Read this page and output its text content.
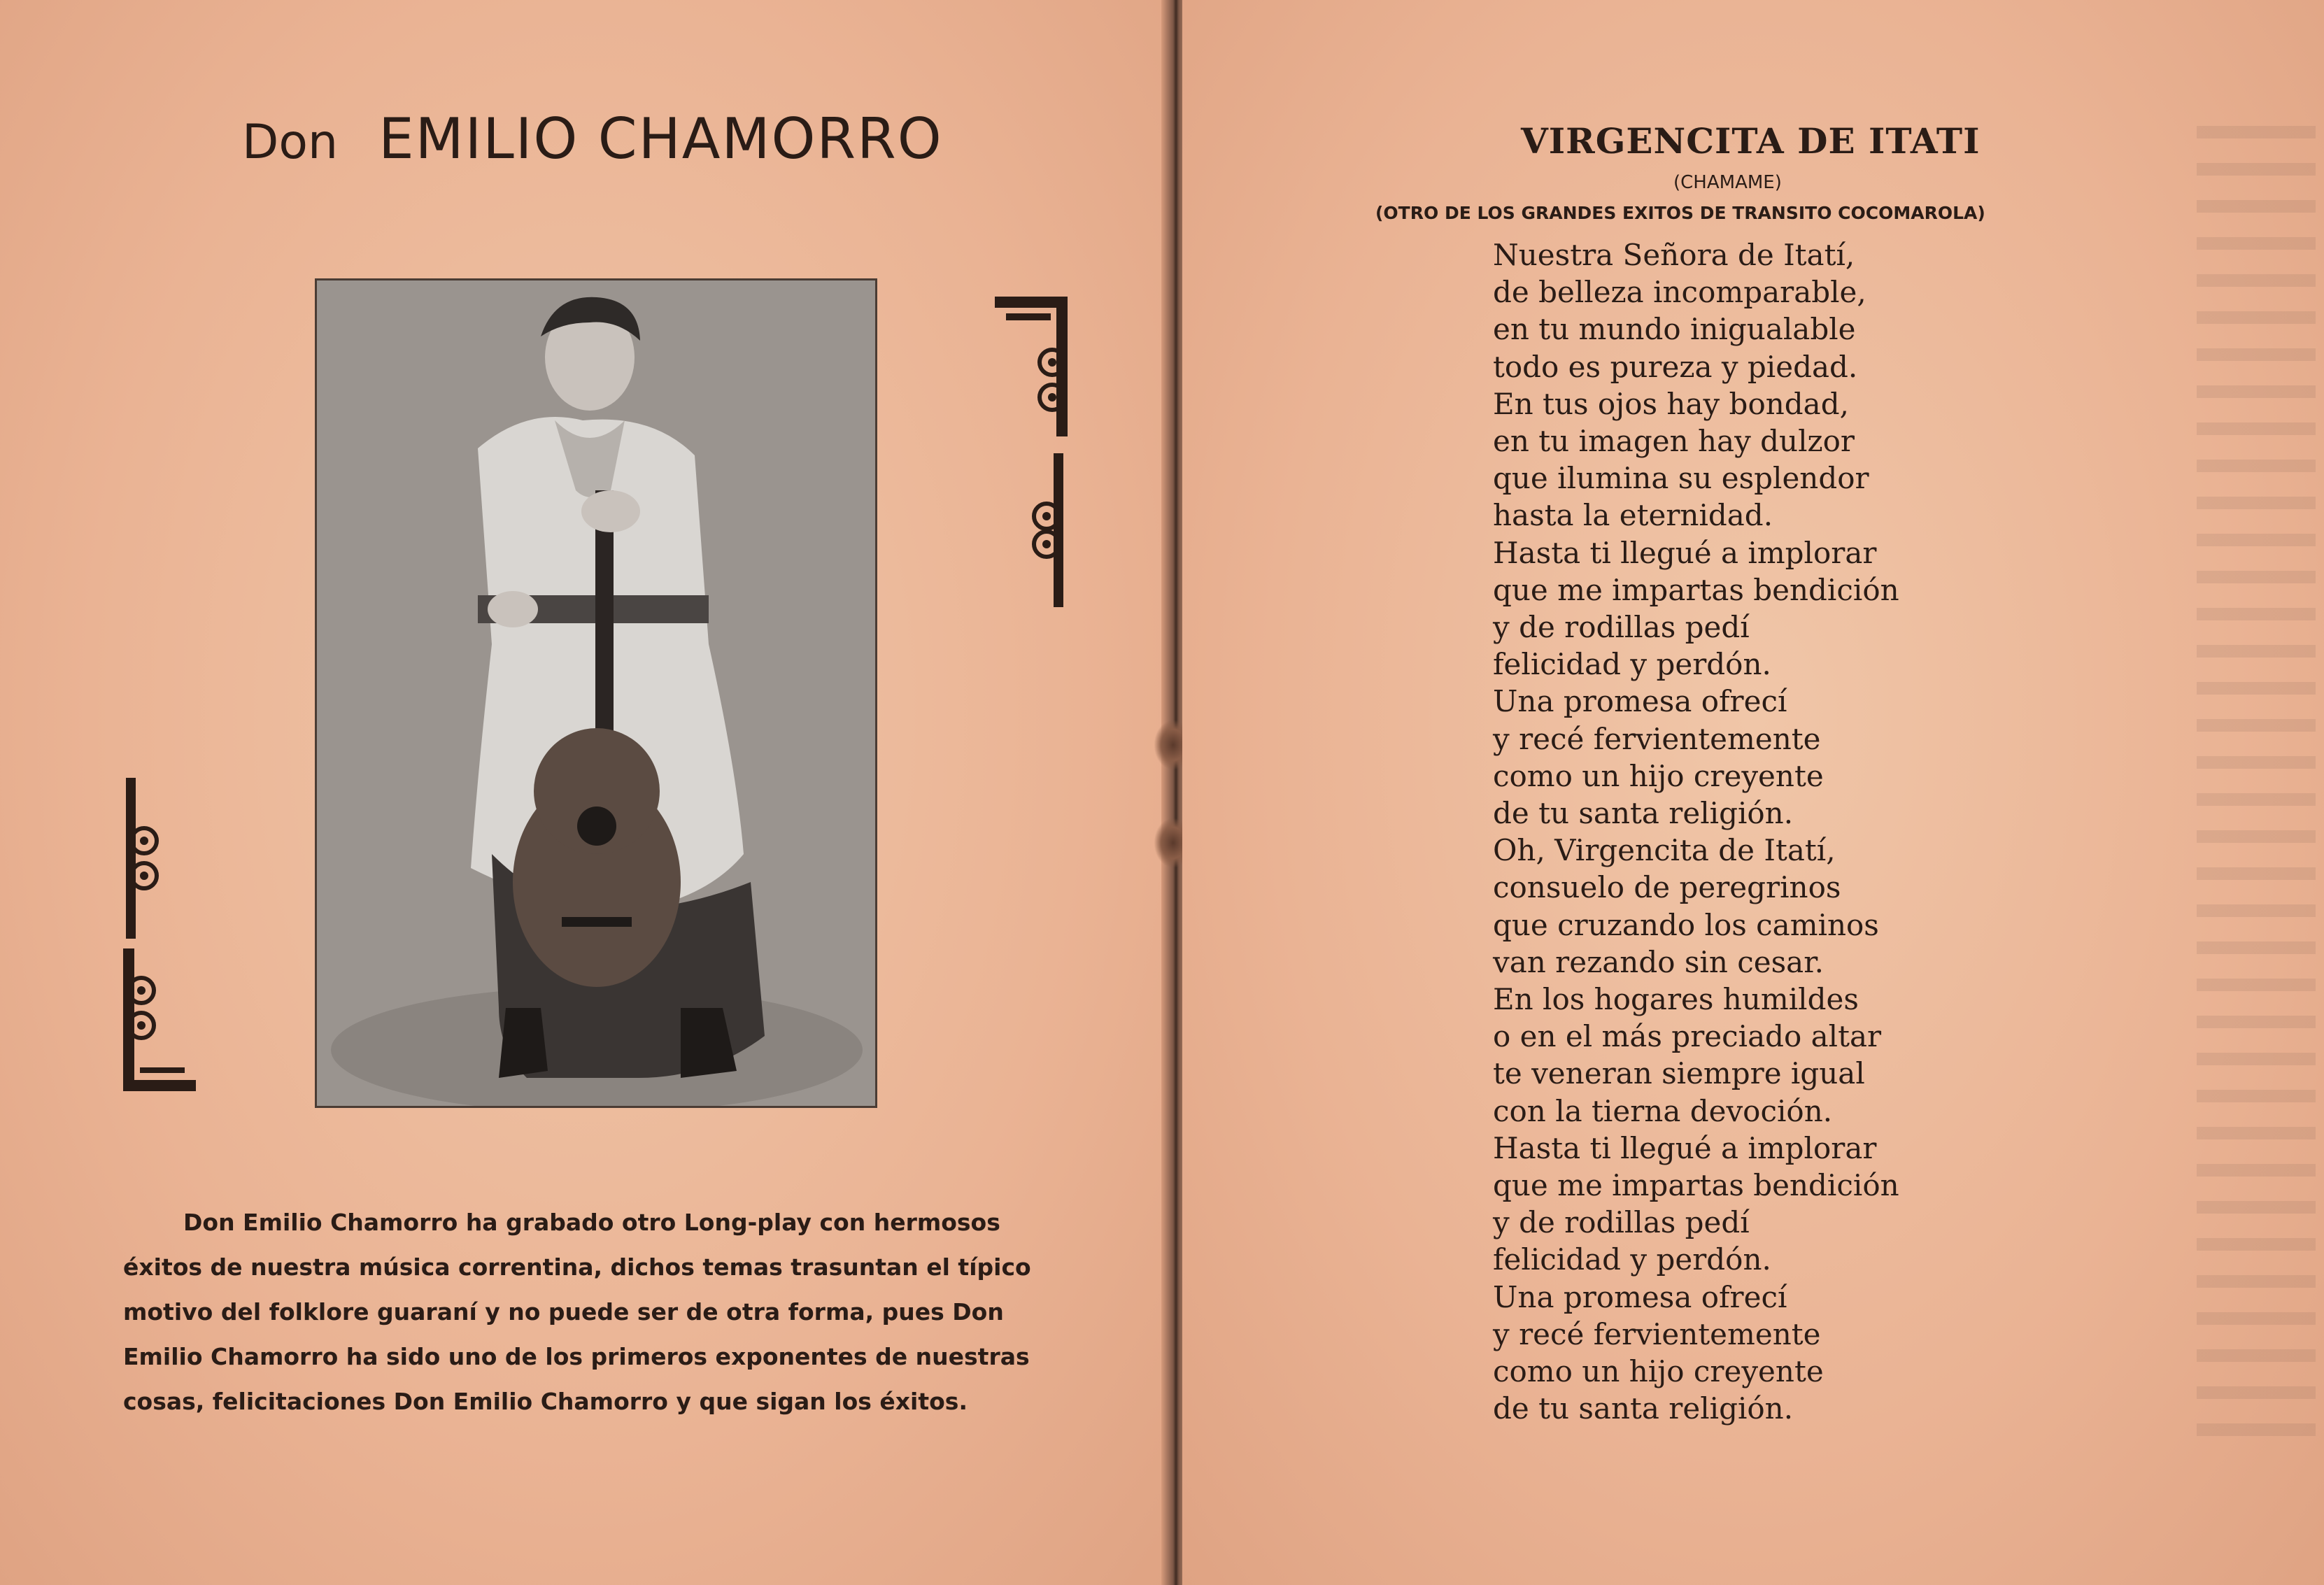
Don EMILIO CHAMORRO
Don Emilio Chamorro ha grabado otro Long-play con hermosos
éxitos de nuestra música correntina, dichos temas trasuntan el típico
motivo del folklore guaraní y no puede ser de otra forma, pues Don
Emilio Chamorro ha sido uno de los primeros exponentes de nuestras
cosas, felicitaciones Don Emilio Chamorro y que sigan los éxitos.
VIRGENCITA DE ITATI
(CHAMAME)
(OTRO DE LOS GRANDES EXITOS DE TRANSITO COCOMAROLA)
Nuestra Señora de Itatí,
de belleza incomparable,
en tu mundo inigualable
todo es pureza y piedad.
En tus ojos hay bondad,
en tu imagen hay dulzor
que ilumina su esplendor
hasta la eternidad.
Hasta ti llegué a implorar
que me impartas bendición
y de rodillas pedí
felicidad y perdón.
Una promesa ofrecí
y recé fervientemente
como un hijo creyente
de tu santa religión.
Oh, Virgencita de Itatí,
consuelo de peregrinos
que cruzando los caminos
van rezando sin cesar.
En los hogares humildes
o en el más preciado altar
te veneran siempre igual
con la tierna devoción.
Hasta ti llegué a implorar
que me impartas bendición
y de rodillas pedí
felicidad y perdón.
Una promesa ofrecí
y recé fervientemente
como un hijo creyente
de tu santa religión.
